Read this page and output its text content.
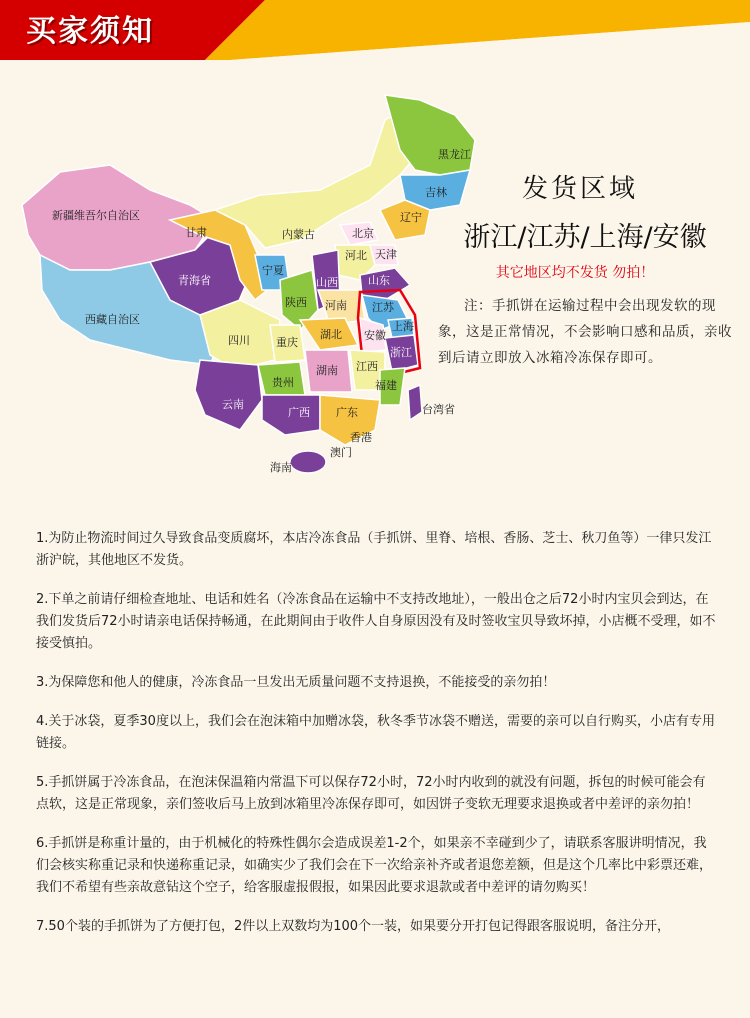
买家须知
黑龙江
吉林
辽宁
内蒙古	北京
天津
河北
山东
山西
河南
陕西
宁夏
甘肃
青海省
新疆维吾尔自治区
西藏自治区
四川 重庆
湖北 安徽
江苏
上海
浙江
江西
湖南
贵州
云南
广西 广东
福建
台湾省
香港
澳门
海南
发货区域
浙江/江苏/上海/安徽
其它地区均不发货 勿拍！
注：手抓饼在运输过程中会出现发软的现象，这是正常情况，不会影响口感和品质，亲收到后请立即放入冰箱冷冻保存即可。

1.为防止物流时间过久导致食品变质腐坏，本店冷冻食品（手抓饼、里脊、培根、香肠、芝士、秋刀鱼等）一律只发江浙沪皖，其他地区不发货。

2.下单之前请仔细检查地址、电话和姓名（冷冻食品在运输中不支持改地址），一般出仓之后72小时内宝贝会到达，在我们发货后72小时请亲电话保持畅通，在此期间由于收件人自身原因没有及时签收宝贝导致坏掉，小店概不受理，如不接受慎拍。

3.为保障您和他人的健康，冷冻食品一旦发出无质量问题不支持退换，不能接受的亲勿拍！

4.关于冰袋，夏季30度以上，我们会在泡沫箱中加赠冰袋，秋冬季节冰袋不赠送，需要的亲可以自行购买，小店有专用链接。

5.手抓饼属于冷冻食品，在泡沫保温箱内常温下可以保存72小时，72小时内收到的就没有问题，拆包的时候可能会有点软，这是正常现象，亲们签收后马上放到冰箱里冷冻保存即可，如因饼子变软无理要求退换或者中差评的亲勿拍！

6.手抓饼是称重计量的，由于机械化的特殊性偶尔会造成误差1-2个，如果亲不幸碰到少了，请联系客服讲明情况，我们会核实称重记录和快递称重记录，如确实少了我们会在下一次给亲补齐或者退您差额，但是这个几率比中彩票还难，我们不希望有些亲故意钻这个空子，给客服虚报假报，如果因此要求退款或者中差评的请勿购买！

7.50个装的手抓饼为了方便打包，2件以上双数均为100个一装，如果要分开打包记得跟客服说明，备注分开，
